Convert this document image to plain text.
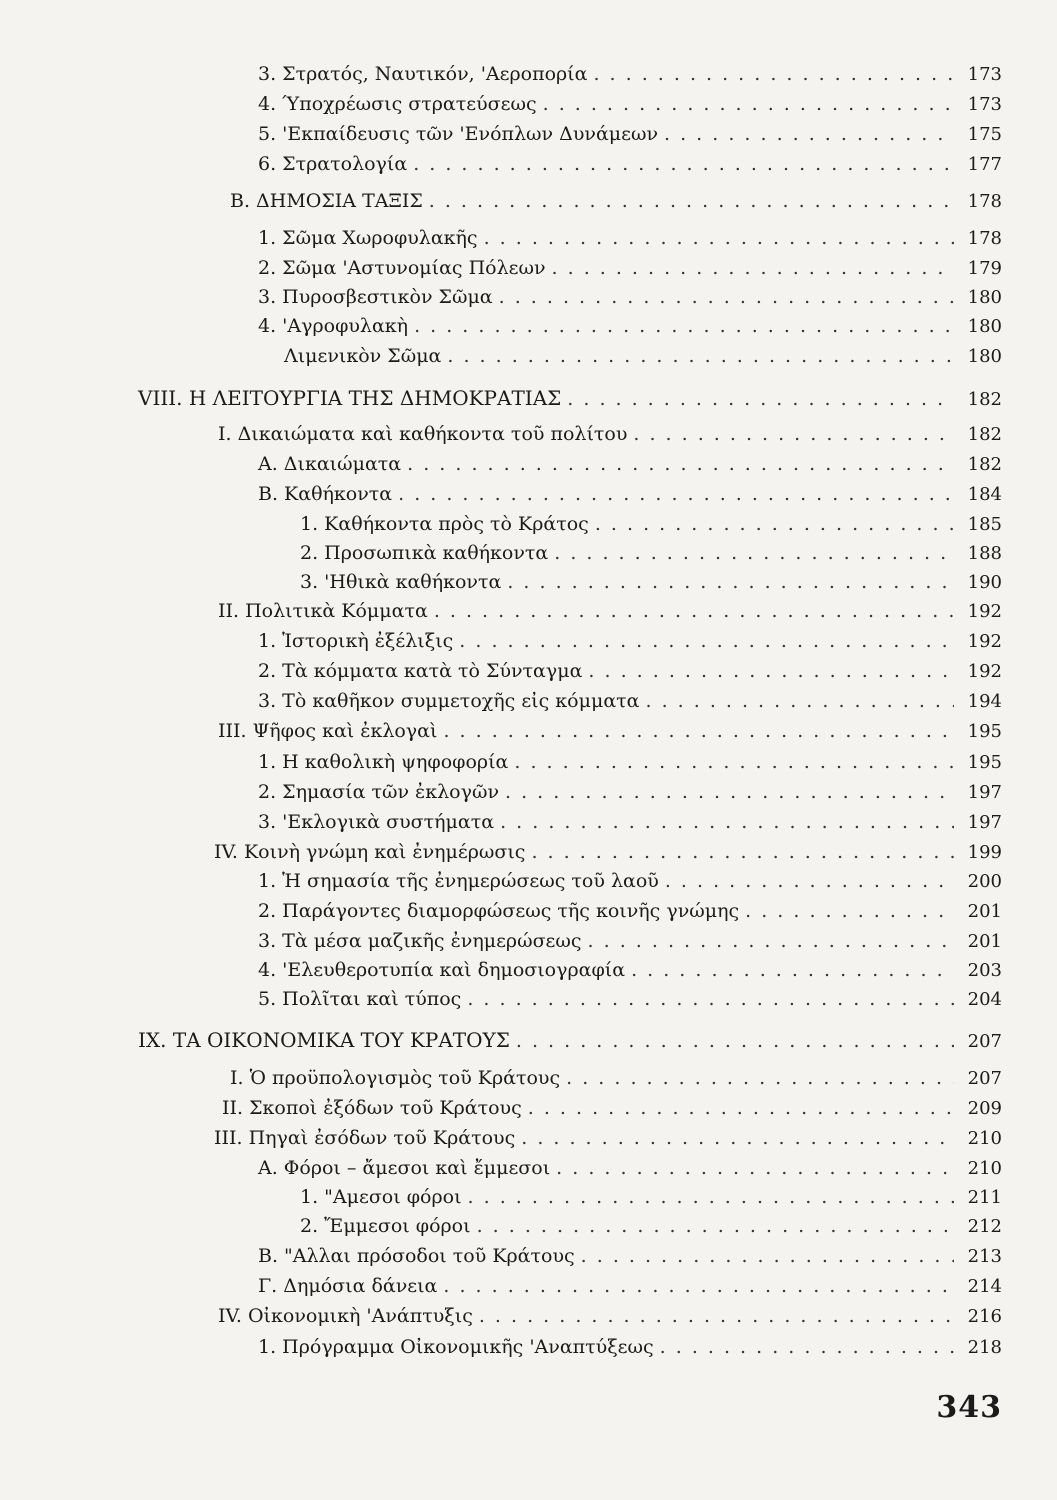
3. Στρατός, Ναυτικόν, 'Αεροπορία . . .	173
4. Ύποχρέωσις στρατεύσεως . . .	173
5. 'Εκπαίδευσις τῶν 'Ενόπλων Δυνάμεων . . .	175
6. Στρατολογία . . .	177
Β. ΔΗΜΟΣΙΑ ΤΑΞΙΣ . . .	178
1. Σῶμα Χωροφυλακῆς . . .	178
2. Σῶμα 'Αστυνομίας Πόλεων . . .	179
3. Πυροσβεστικὸν Σῶμα . . .	180
4. 'Αγροφυλακὴ . . .	180
Λιμενικὸν Σῶμα . . .	180
VIII. Η ΛΕΙΤΟΥΡΓΙΑ ΤΗΣ ΔΗΜΟΚΡΑΤΙΑΣ . . .	182
I. Δικαιώματα καὶ καθήκοντα τοῦ πολίτου . . .	182
Α. Δικαιώματα . . .	182
Β. Καθήκοντα . . .	184
1. Καθήκοντα πρὸς τὸ Κράτος . . .	185
2. Προσωπικὰ καθήκοντα . . .	188
3. 'Ηθικὰ καθήκοντα . . .	190
II. Πολιτικὰ Κόμματα . . .	192
1. Ἱστορικὴ ἐξέλιξις . . .	192
2. Τὰ κόμματα κατὰ τὸ Σύνταγμα . . .	192
3. Τὸ καθῆκον συμμετοχῆς εἰς κόμματα . . .	194
III. Ψῆφος καὶ ἐκλογαὶ . . .	195
1. Η καθολικὴ ψηφοφορία . . .	195
2. Σημασία τῶν ἐκλογῶν . . .	197
3. 'Εκλογικὰ συστήματα . . .	197
IV. Κοινὴ γνώμη καὶ ἐνημέρωσις . . .	199
1. Ἡ σημασία τῆς ἐνημερώσεως τοῦ λαοῦ . . .	200
2. Παράγοντες διαμορφώσεως τῆς κοινῆς γνώμης . . .	201
3. Τὰ μέσα μαζικῆς ἐνημερώσεως . . .	201
4. 'Ελευθεροτυπία καὶ δημοσιογραφία . . .	203
5. Πολῖται καὶ τύπος . . .	204
IX. ΤΑ ΟΙΚΟΝΟΜΙΚΑ ΤΟΥ ΚΡΑΤΟΥΣ . . .	207
I. Ὁ προϋπολογισμὸς τοῦ Κράτους . . .	207
II. Σκοποὶ ἐξόδων τοῦ Κράτους . . .	209
III. Πηγαὶ ἐσόδων τοῦ Κράτους . . .	210
Α. Φόροι – ἄμεσοι καὶ ἔμμεσοι . . .	210
1. "Αμεσοι φόροι . . .	211
2. Ἔμμεσοι φόροι . . .	212
Β. "Αλλαι πρόσοδοι τοῦ Κράτους . . .	213
Γ. Δημόσια δάνεια . . .	214
IV. Οἰκονομικὴ 'Ανάπτυξις . . .	216
1. Πρόγραμμα Οἰκονομικῆς 'Αναπτύξεως . . .	218
343
